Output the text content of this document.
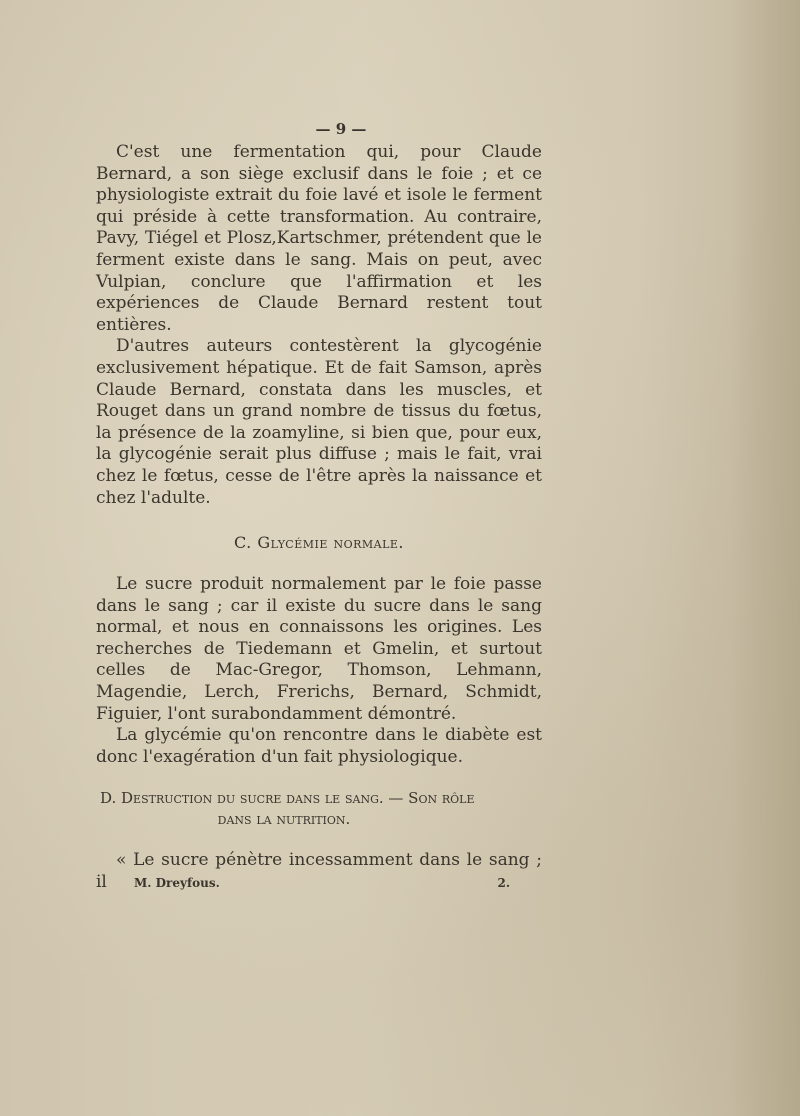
— 9 —

C'est une fermentation qui, pour Claude Bernard, a son siège exclusif dans le foie ; et ce physiologiste extrait du foie lavé et isole le ferment qui préside à cette transformation. Au contraire, Pavy, Tiégel et Plosz,Kartschmer, prétendent que le ferment existe dans le sang. Mais on peut, avec Vulpian, conclure que l'affirmation et les expériences de Claude Bernard restent tout entières.

D'autres auteurs contestèrent la glycogénie exclusivement hépatique. Et de fait Samson, après Claude Bernard, constata dans les muscles, et Rouget dans un grand nombre de tissus du fœtus, la présence de la zoamyline, si bien que, pour eux, la glycogénie serait plus diffuse ; mais le fait, vrai chez le fœtus, cesse de l'être après la naissance et chez l'adulte.

C. Glycémie normale.

Le sucre produit normalement par le foie passe dans le sang ; car il existe du sucre dans le sang normal, et nous en connaissons les origines. Les recherches de Tiedemann et Gmelin, et surtout celles de Mac-Gregor, Thomson, Lehmann, Magendie, Lerch, Frerichs, Bernard, Schmidt, Figuier, l'ont surabondamment démontré.

La glycémie qu'on rencontre dans le diabète est donc l'exagération d'un fait physiologique.

D. Destruction du sucre dans le sang. — Son rôle
dans la nutrition.

« Le sucre pénètre incessamment dans le sang ; il	M. Dreyfous.	2.
